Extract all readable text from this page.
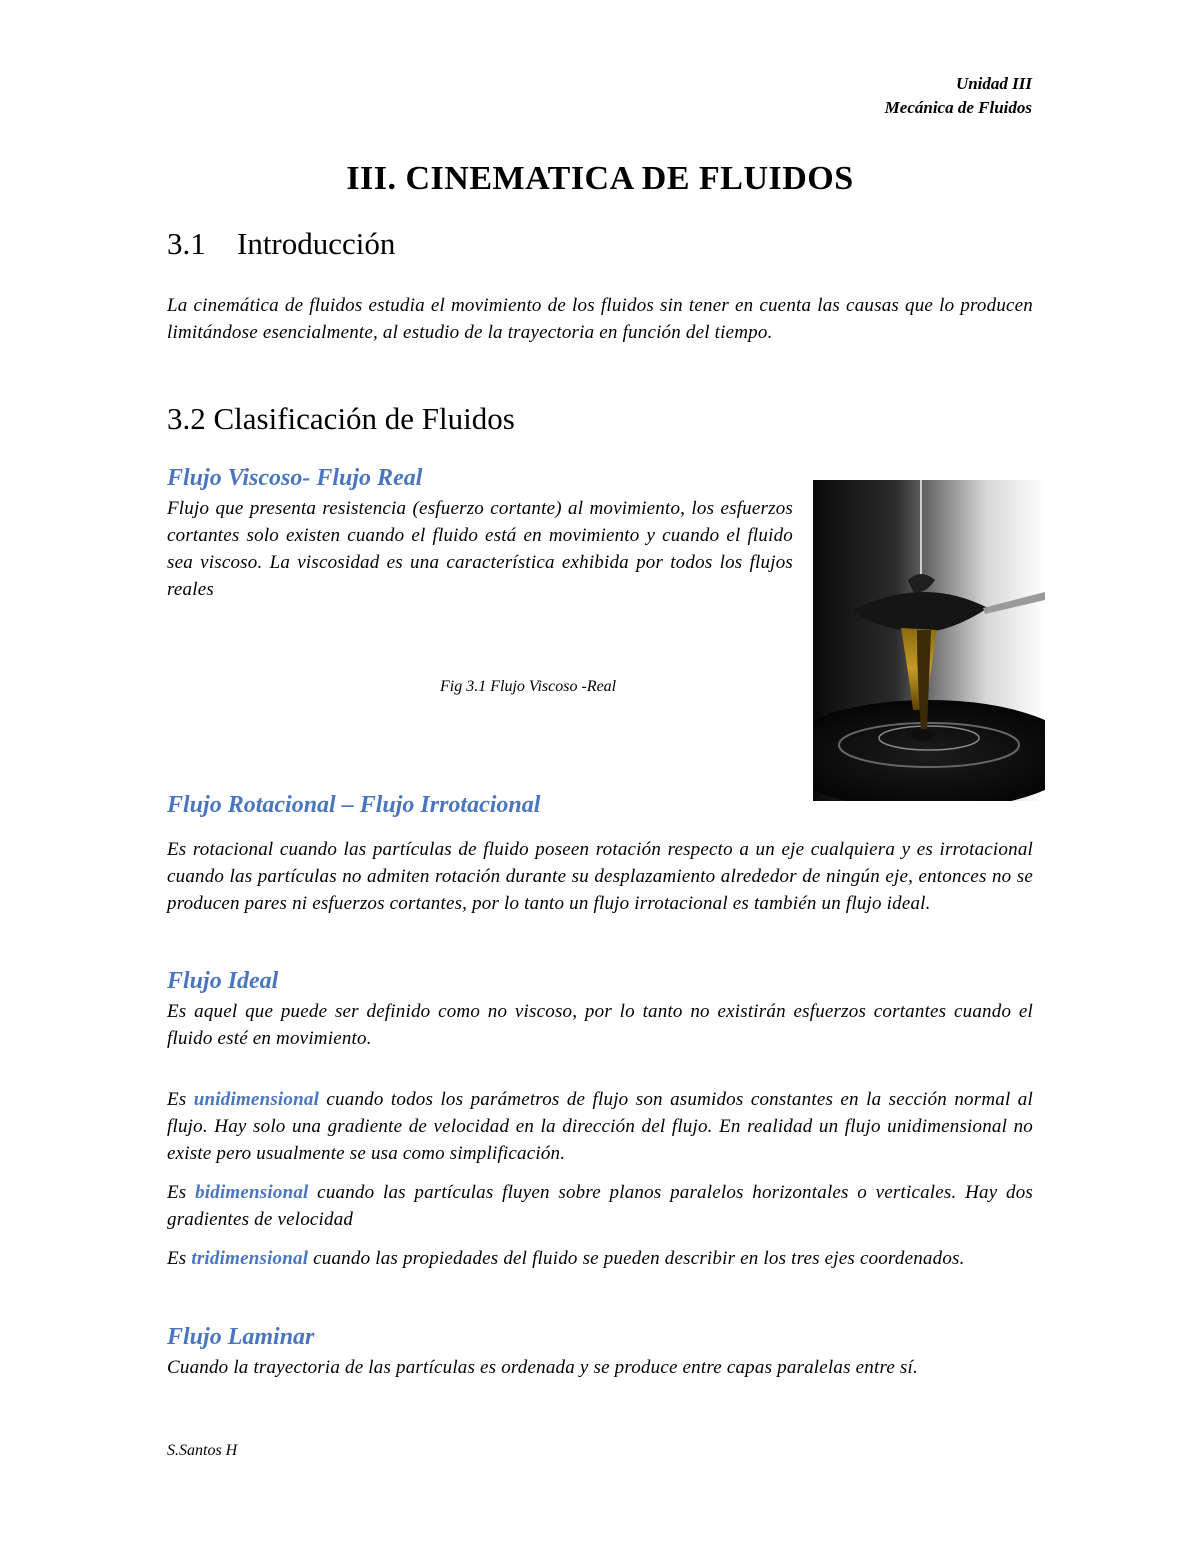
Unidad III
Mecánica de Fluidos
III. CINEMATICA DE FLUIDOS
3.1 Introducción

La cinemática de fluidos estudia el movimiento de los fluidos sin tener en cuenta las causas que lo producen limitándose esencialmente, al estudio de la trayectoria en función del tiempo.

3.2 Clasificación de Fluidos
Flujo Viscoso- Flujo Real

Flujo que presenta resistencia (esfuerzo cortante) al movimiento, los esfuerzos cortantes solo existen cuando el fluido está en movimiento y cuando el fluido sea viscoso. La viscosidad es una característica exhibida por todos los flujos reales

Fig 3.1 Flujo Viscoso -Real
Flujo Rotacional – Flujo Irrotacional

Es rotacional cuando las partículas de fluido poseen rotación respecto a un eje cualquiera y es irrotacional cuando las partículas no admiten rotación durante su desplazamiento alrededor de ningún eje, entonces no se producen pares ni esfuerzos cortantes, por lo tanto un flujo irrotacional es también un flujo ideal.

Flujo Ideal

Es aquel que puede ser definido como no viscoso, por lo tanto no existirán esfuerzos cortantes cuando el fluido esté en movimiento.

Es unidimensional cuando todos los parámetros de flujo son asumidos constantes en la sección normal al flujo. Hay solo una gradiente de velocidad en la dirección del flujo. En realidad un flujo unidimensional no existe pero usualmente se usa como simplificación.

Es bidimensional cuando las partículas fluyen sobre planos paralelos horizontales o verticales. Hay dos gradientes de velocidad

Es tridimensional cuando las propiedades del fluido se pueden describir en los tres ejes coordenados.

Flujo Laminar

Cuando la trayectoria de las partículas es ordenada y se produce entre capas paralelas entre sí.

S.Santos H
